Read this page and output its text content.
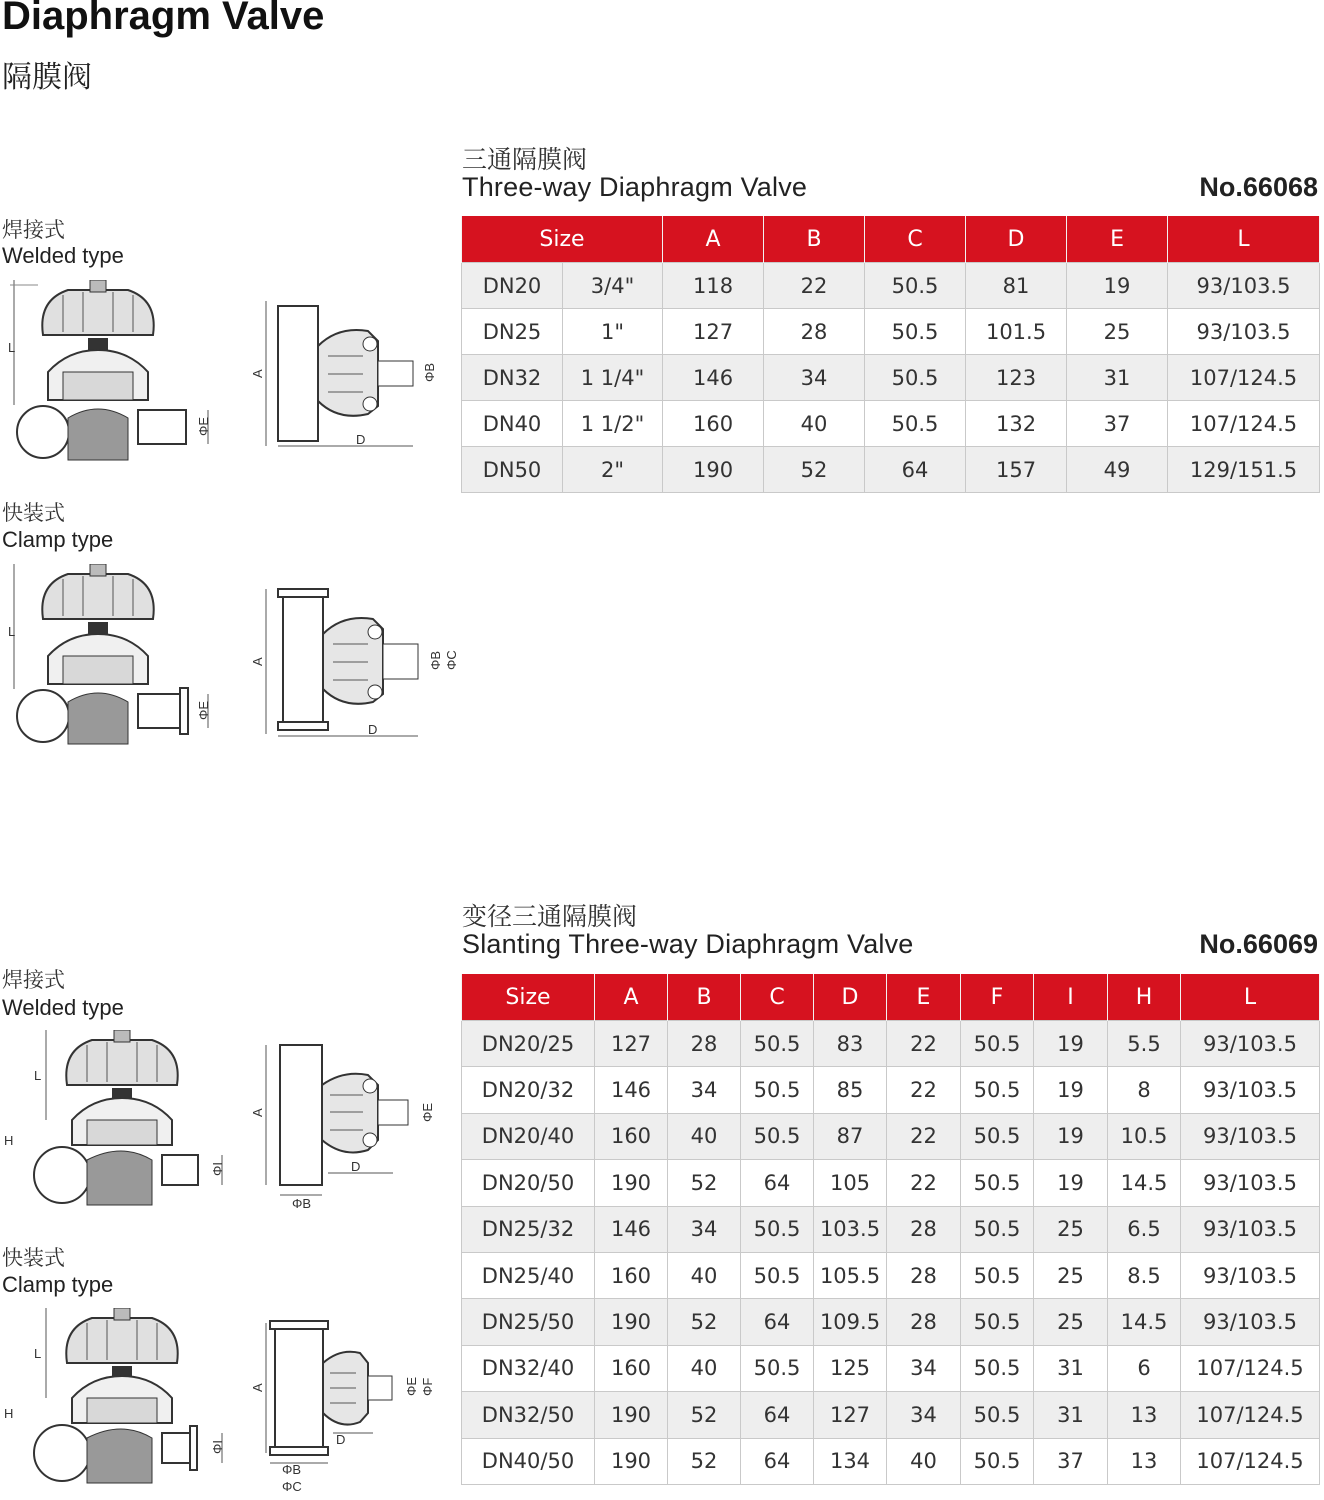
Diaphragm Valve
隔膜阀
三通隔膜阀
Three-way Diaphragm Valve	No.66068
焊接式
Welded type
快装式
Clamp type
L
ΦE
A
D
ΦB
L
ΦE
A
D
ΦB ΦC
Size		A	B	C	D	E	L
DN20	3/4"	118	22	50.5	81	19	93/103.5
DN25	1"	127	28	50.5	101.5	25	93/103.5
DN32	1 1/4"	146	34	50.5	123	31	107/124.5
DN40	1 1/2"	160	40	50.5	132	37	107/124.5
DN50	2"	190	52	64	157	49	129/151.5
变径三通隔膜阀
Slanting Three-way Diaphragm Valve	No.66069
焊接式
Welded type
快装式
Clamp type
L
H
ΦI
A
D
ΦB
ΦE
L
H
ΦI
A
D
ΦB
ΦC
ΦE ΦF
Size	A	B	C	D	E	F	I	H	L
DN20/25	127	28	50.5	83	22	50.5	19	5.5	93/103.5
DN20/32	146	34	50.5	85	22	50.5	19	8	93/103.5
DN20/40	160	40	50.5	87	22	50.5	19	10.5	93/103.5
DN20/50	190	52	64	105	22	50.5	19	14.5	93/103.5
DN25/32	146	34	50.5	103.5	28	50.5	25	6.5	93/103.5
DN25/40	160	40	50.5	105.5	28	50.5	25	8.5	93/103.5
DN25/50	190	52	64	109.5	28	50.5	25	14.5	93/103.5
DN32/40	160	40	50.5	125	34	50.5	31	6	107/124.5
DN32/50	190	52	64	127	34	50.5	31	13	107/124.5
DN40/50	190	52	64	134	40	50.5	37	13	107/124.5
